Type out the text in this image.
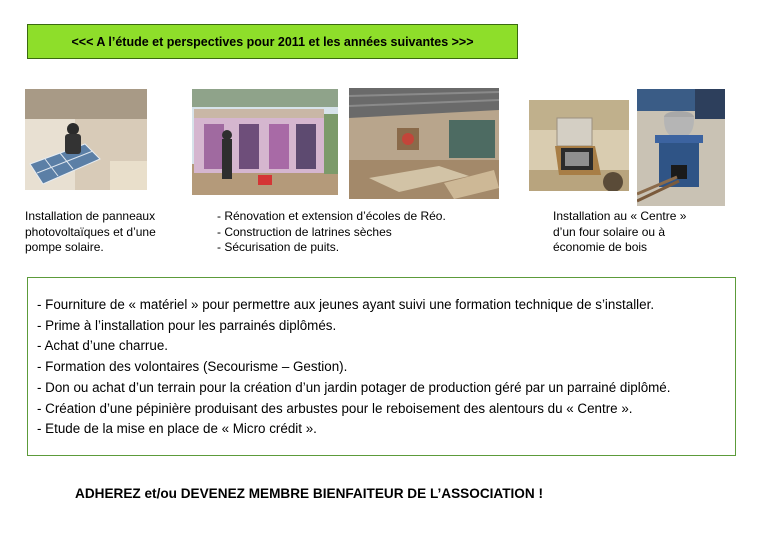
<<< A l’étude et perspectives pour 2011 et les années suivantes >>>
Installation de panneaux
photovoltaïques et d’une
pompe solaire.
- Rénovation et extension d’écoles de Réo.
- Construction de latrines sèches
- Sécurisation de puits.
Installation au « Centre »
d’un four solaire ou à
économie de bois
- Fourniture de « matériel » pour permettre aux jeunes ayant suivi une formation technique de s’installer.
- Prime à l’installation pour les parrainés diplômés.
- Achat d’une charrue.
- Formation des volontaires (Secourisme – Gestion).
- Don ou achat d’un terrain pour la création d’un jardin potager de production géré par un parrainé diplômé.
- Création d’une pépinière produisant des arbustes pour le reboisement des alentours du « Centre ».
- Etude de la mise en place de « Micro crédit ».
ADHEREZ et/ou DEVENEZ MEMBRE BIENFAITEUR DE L’ASSOCIATION !
